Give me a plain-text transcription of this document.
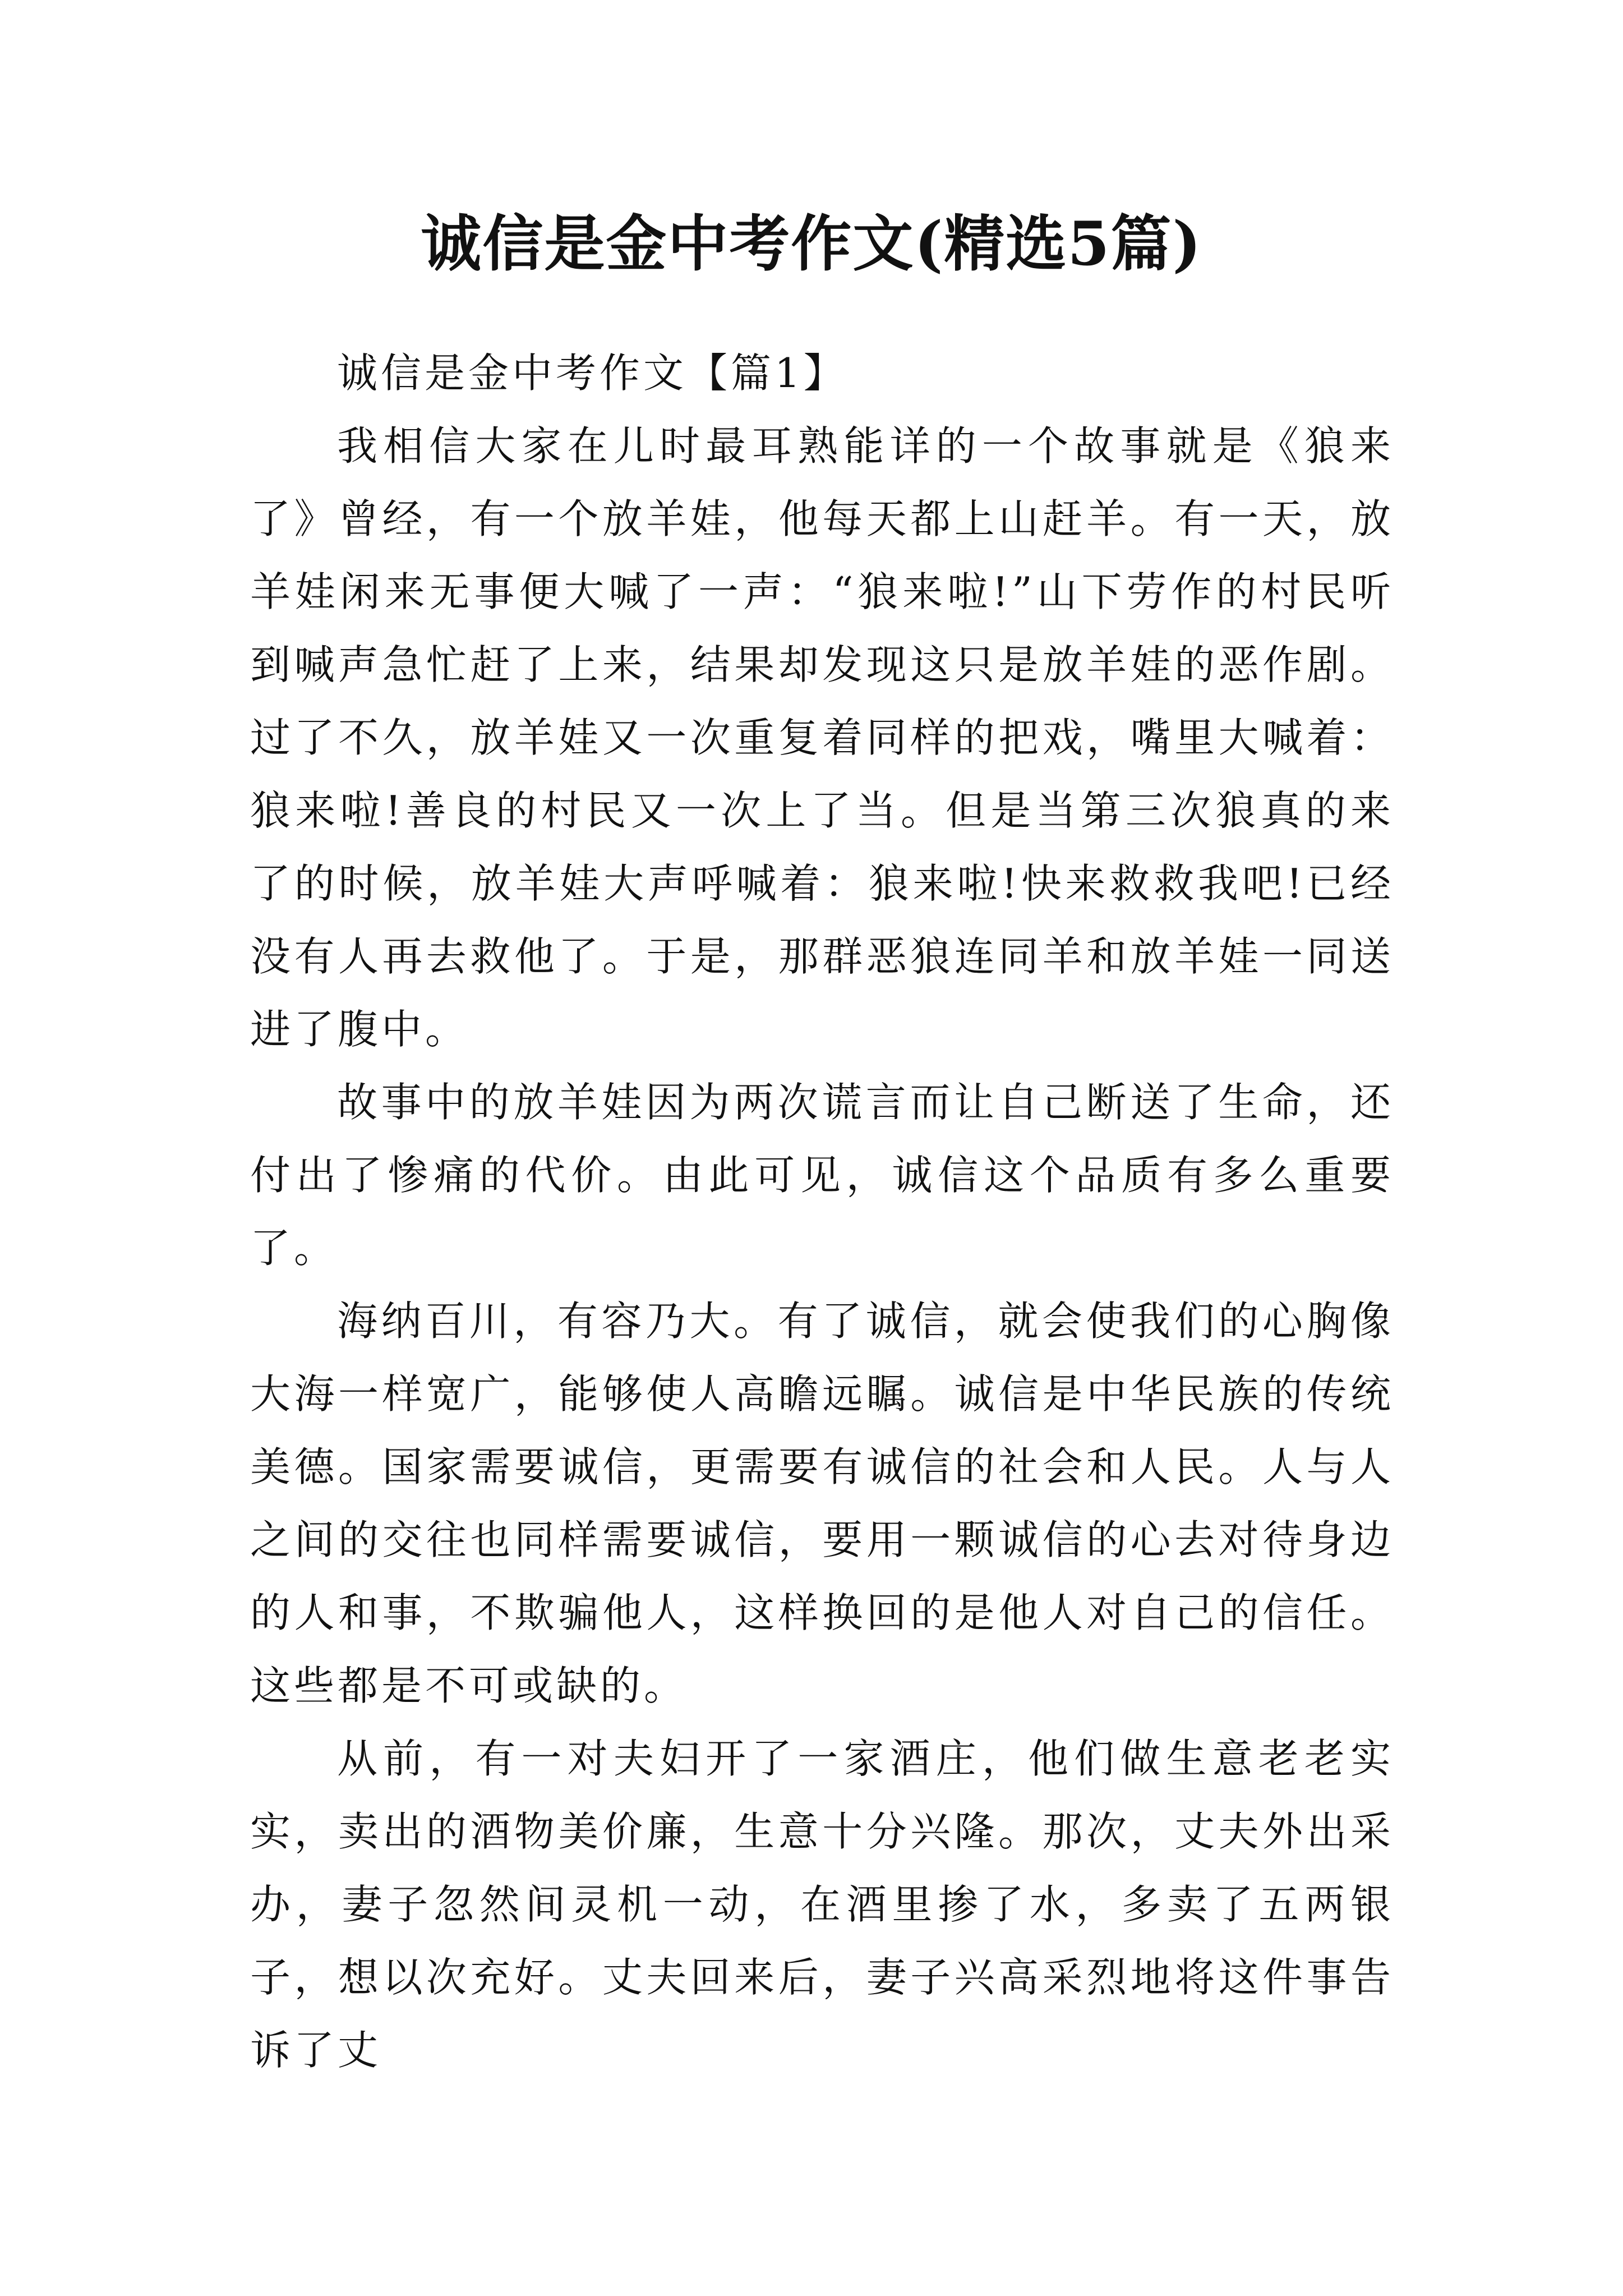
诚信是金中考作文(精选5篇)
诚信是金中考作文【篇1】

我相信大家在儿时最耳熟能详的一个故事就是《狼来了》曾经，有一个放羊娃，他每天都上山赶羊。有一天，放羊娃闲来无事便大喊了一声：“狼来啦!”山下劳作的村民听到喊声急忙赶了上来，结果却发现这只是放羊娃的恶作剧。过了不久，放羊娃又一次重复着同样的把戏，嘴里大喊着：狼来啦!善良的村民又一次上了当。但是当第三次狼真的来了的时候，放羊娃大声呼喊着：狼来啦!快来救救我吧!已经没有人再去救他了。于是，那群恶狼连同羊和放羊娃一同送进了腹中。

故事中的放羊娃因为两次谎言而让自己断送了生命，还付出了惨痛的代价。由此可见，诚信这个品质有多么重要了。

海纳百川，有容乃大。有了诚信，就会使我们的心胸像大海一样宽广，能够使人高瞻远瞩。诚信是中华民族的传统美德。国家需要诚信，更需要有诚信的社会和人民。人与人之间的交往也同样需要诚信，要用一颗诚信的心去对待身边的人和事，不欺骗他人，这样换回的是他人对自己的信任。这些都是不可或缺的。

从前，有一对夫妇开了一家酒庄，他们做生意老老实实，卖出的酒物美价廉，生意十分兴隆。那次，丈夫外出采办，妻子忽然间灵机一动，在酒里掺了水，多卖了五两银子，想以次充好。丈夫回来后，妻子兴高采烈地将这件事告诉了丈
